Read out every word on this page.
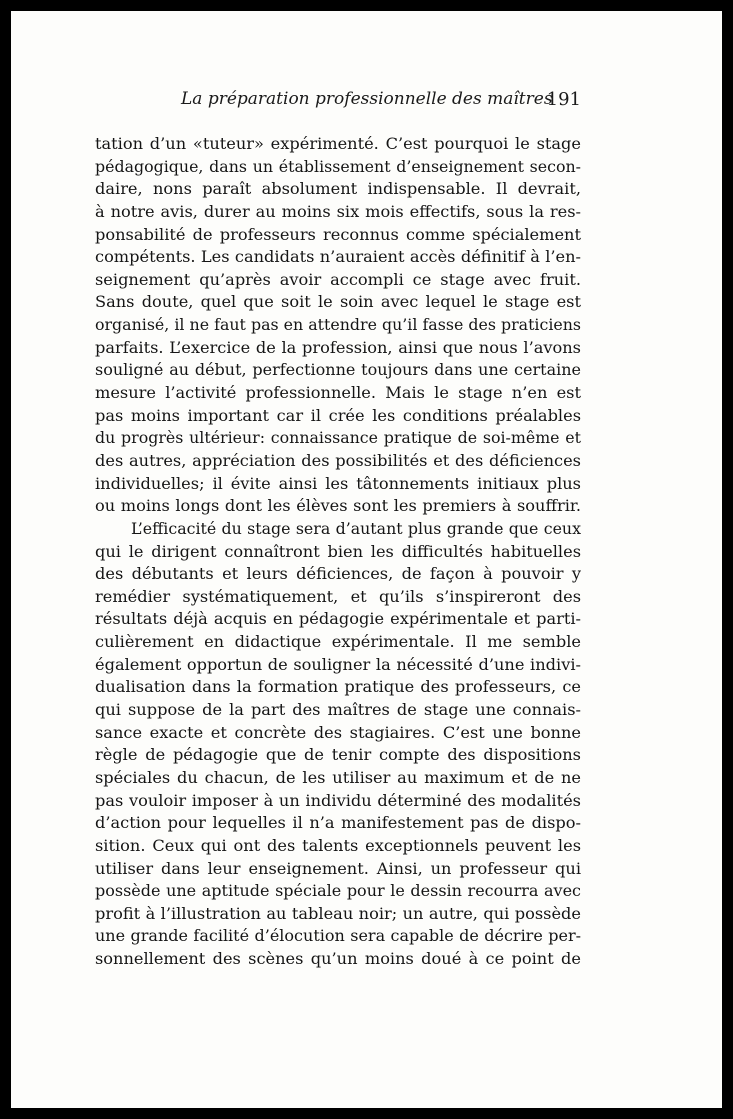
La préparation professionnelle des maîtres
191
tation d’un «tuteur» expérimenté. C’est pourquoi le stage
pédagogique, dans un établissement d’enseignement secon-
daire, nons paraît absolument indispensable. Il devrait,
à notre avis, durer au moins six mois effectifs, sous la res-
ponsabilité de professeurs reconnus comme spécialement
compétents. Les candidats n’auraient accès définitif à l’en-
seignement qu’après avoir accompli ce stage avec fruit.
Sans doute, quel que soit le soin avec lequel le stage est
organisé, il ne faut pas en attendre qu’il fasse des praticiens
parfaits. L’exercice de la profession, ainsi que nous l’avons
souligné au début, perfectionne toujours dans une certaine
mesure l’activité professionnelle. Mais le stage n’en est
pas moins important car il crée les conditions préalables
du progrès ultérieur: connaissance pratique de soi-même et
des autres, appréciation des possibilités et des déficiences
individuelles; il évite ainsi les tâtonnements initiaux plus
ou moins longs dont les élèves sont les premiers à souffrir.
L’efficacité du stage sera d’autant plus grande que ceux
qui le dirigent connaîtront bien les difficultés habituelles
des débutants et leurs déficiences, de façon à pouvoir y
remédier systématiquement, et qu’ils s’inspireront des
résultats déjà acquis en pédagogie expérimentale et parti-
culièrement en didactique expérimentale. Il me semble
également opportun de souligner la nécessité d’une indivi-
dualisation dans la formation pratique des professeurs, ce
qui suppose de la part des maîtres de stage une connais-
sance exacte et concrète des stagiaires. C’est une bonne
règle de pédagogie que de tenir compte des dispositions
spéciales du chacun, de les utiliser au maximum et de ne
pas vouloir imposer à un individu déterminé des modalités
d’action pour lequelles il n’a manifestement pas de dispo-
sition. Ceux qui ont des talents exceptionnels peuvent les
utiliser dans leur enseignement. Ainsi, un professeur qui
possède une aptitude spéciale pour le dessin recourra avec
profit à l’illustration au tableau noir; un autre, qui possède
une grande facilité d’élocution sera capable de décrire per-
sonnellement des scènes qu’un moins doué à ce point de
